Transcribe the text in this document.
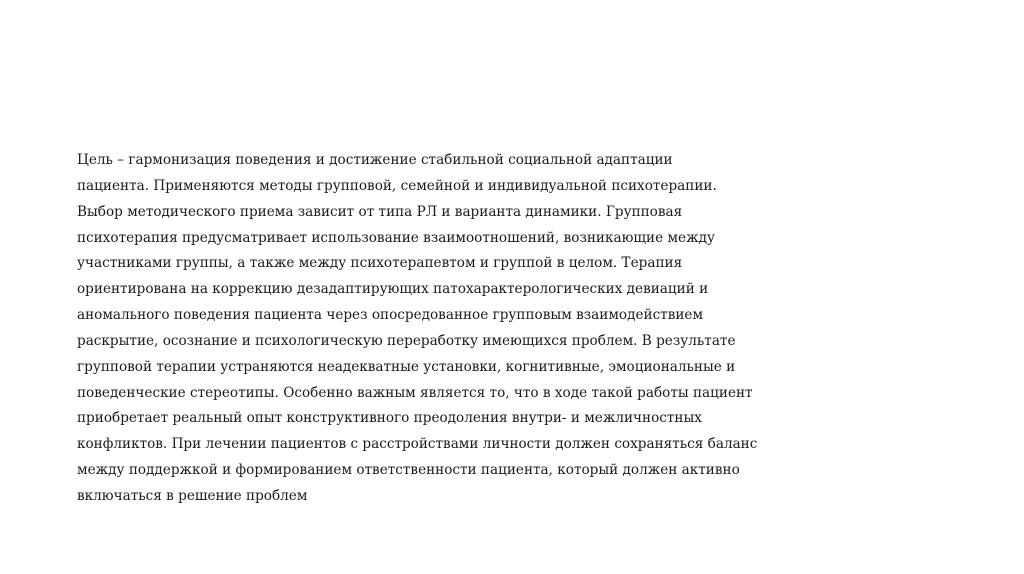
Цель – гармонизация поведения и достижение стабильной социальной адаптации
пациента. Применяются методы групповой, семейной и индивидуальной психотерапии.
Выбор методического приема зависит от типа РЛ и варианта динамики. Групповая
психотерапия предусматривает использование взаимоотношений, возникающие между
участниками группы, а также между психотерапевтом и группой в целом. Терапия
ориентирована на коррекцию дезадаптирующих патохарактерологических девиаций и
аномального поведения пациента через опосредованное групповым взаимодействием
раскрытие, осознание и психологическую переработку имеющихся проблем. В результате
групповой терапии устраняются неадекватные установки, когнитивные, эмоциональные и
поведенческие стереотипы. Особенно важным является то, что в ходе такой работы пациент
приобретает реальный опыт конструктивного преодоления внутри- и межличностных
конфликтов. При лечении пациентов с расстройствами личности должен сохраняться баланс
между поддержкой и формированием ответственности пациента, который должен активно
включаться в решение проблем
